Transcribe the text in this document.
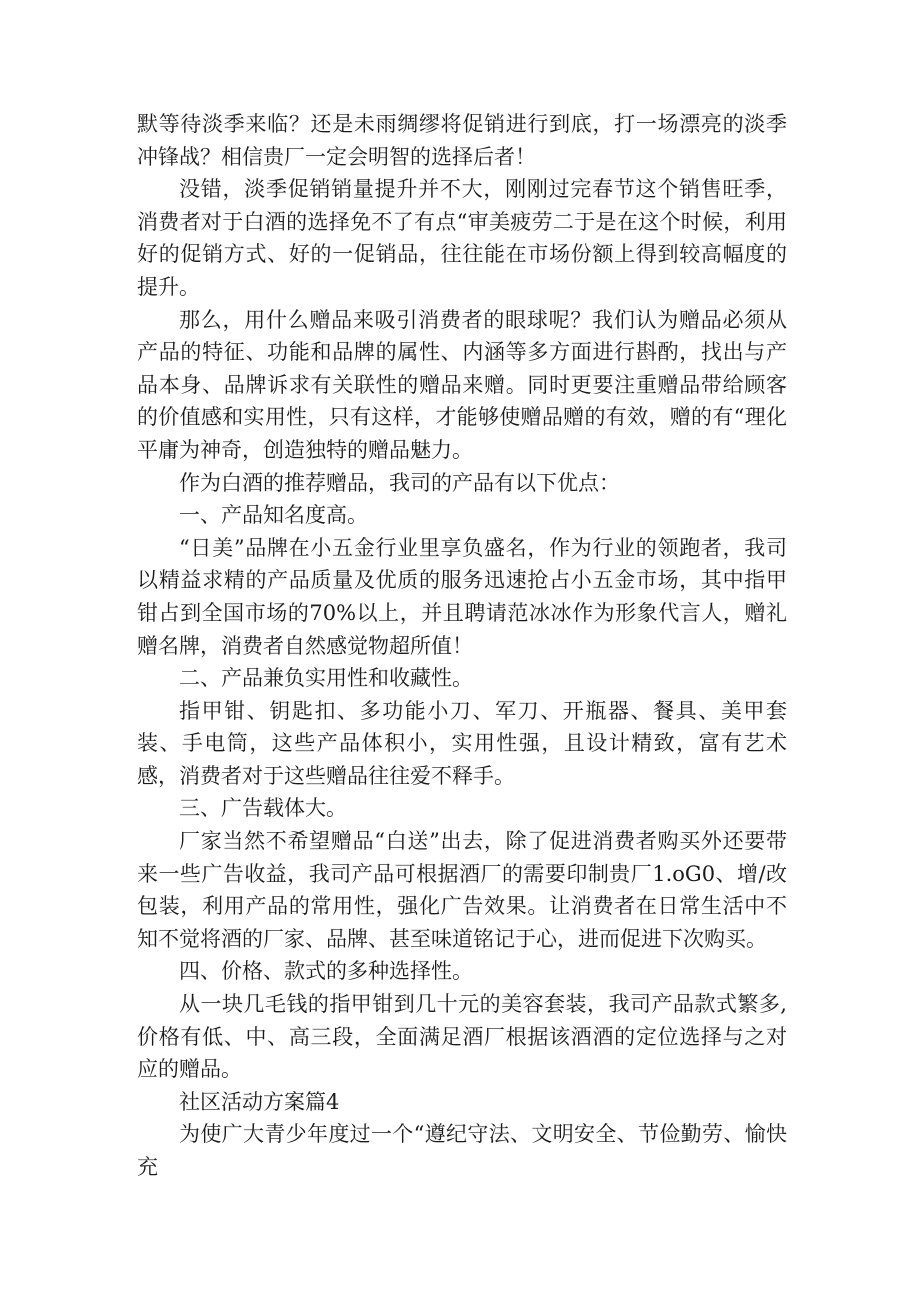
默等待淡季来临？还是未雨绸缪将促销进行到底，打一场漂亮的淡季冲锋战？相信贵厂一定会明智的选择后者！

没错，淡季促销销量提升并不大，刚刚过完春节这个销售旺季，消费者对于白酒的选择免不了有点“审美疲劳二于是在这个时候，利用好的促销方式、好的一促销品，往往能在市场份额上得到较高幅度的提升。

那么，用什么赠品来吸引消费者的眼球呢？我们认为赠品必须从产品的特征、功能和品牌的属性、内涵等多方面进行斟酌，找出与产品本身、品牌诉求有关联性的赠品来赠。同时更要注重赠品带给顾客的价值感和实用性，只有这样，才能够使赠品赠的有效，赠的有“理化平庸为神奇，创造独特的赠品魅力。

作为白酒的推荐赠品，我司的产品有以下优点：

一、产品知名度高。

“日美”品牌在小五金行业里享负盛名，作为行业的领跑者，我司以精益求精的产品质量及优质的服务迅速抢占小五金市场，其中指甲钳占到全国市场的70%以上，并且聘请范冰冰作为形象代言人，赠礼赠名牌，消费者自然感觉物超所值！

二、产品兼负实用性和收藏性。

指甲钳、钥匙扣、多功能小刀、军刀、开瓶器、餐具、美甲套装、手电筒，这些产品体积小，实用性强，且设计精致，富有艺术感，消费者对于这些赠品往往爱不释手。

三、广告载体大。

厂家当然不希望赠品“白送”出去，除了促进消费者购买外还要带来一些广告收益，我司产品可根据酒厂的需要印制贵厂1.oG0、增/改包装，利用产品的常用性，强化广告效果。让消费者在日常生活中不知不觉将酒的厂家、品牌、甚至味道铭记于心，进而促进下次购买。

四、价格、款式的多种选择性。

从一块几毛钱的指甲钳到几十元的美容套装，我司产品款式繁多,价格有低、中、高三段，全面满足酒厂根据该酒酒的定位选择与之对应的赠品。

社区活动方案篇4

为使广大青少年度过一个“遵纪守法、文明安全、节俭勤劳、愉快充
